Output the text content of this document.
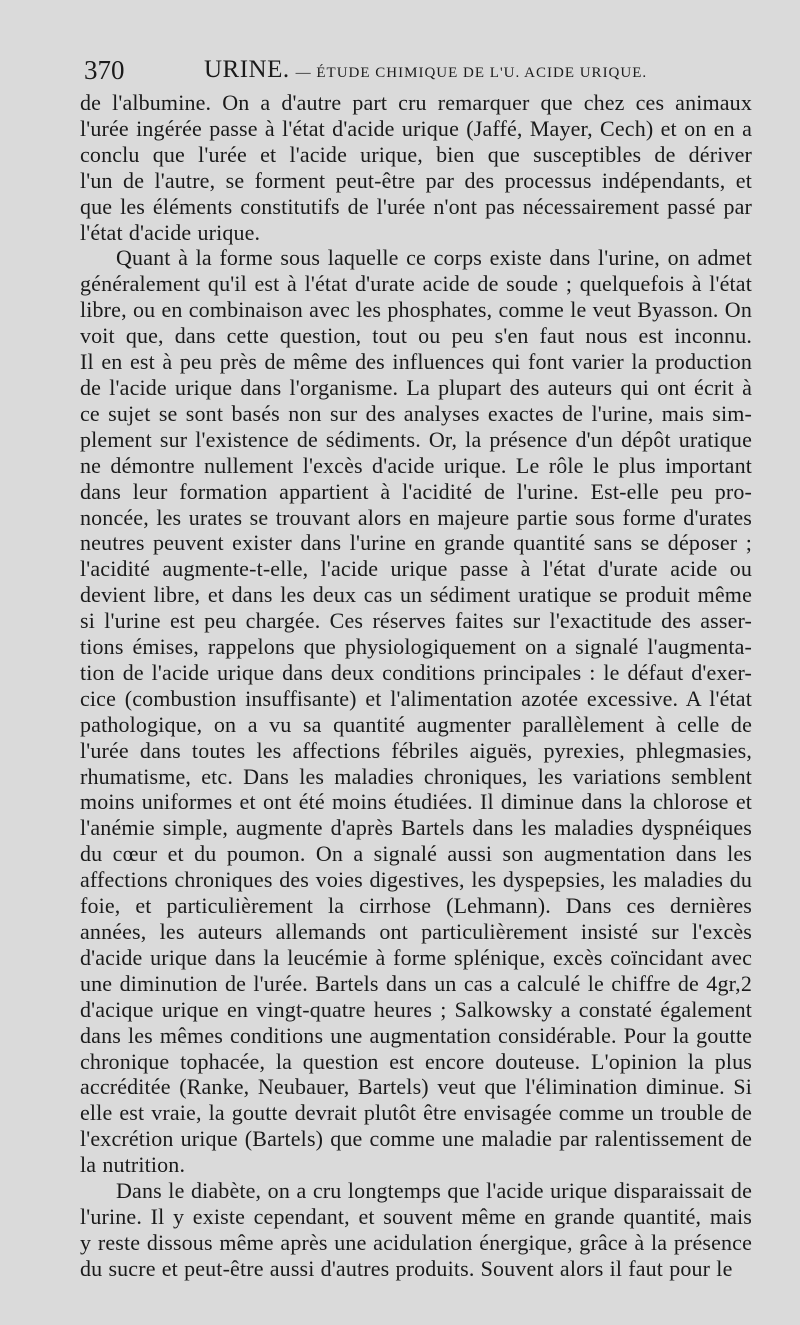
370	URINE. — ÉTUDE CHIMIQUE DE L'U. ACIDE URIQUE.

de l'albumine. On a d'autre part cru remarquer que chez ces animaux
l'urée ingérée passe à l'état d'acide urique (Jaffé, Mayer, Cech) et on en a
conclu que l'urée et l'acide urique, bien que susceptibles de dériver
l'un de l'autre, se forment peut-être par des processus indépendants, et
que les éléments constitutifs de l'urée n'ont pas nécessairement passé par
l'état d'acide urique.

Quant à la forme sous laquelle ce corps existe dans l'urine, on admet
généralement qu'il est à l'état d'urate acide de soude ; quelquefois à l'état
libre, ou en combinaison avec les phosphates, comme le veut Byasson. On
voit que, dans cette question, tout ou peu s'en faut nous est inconnu.
Il en est à peu près de même des influences qui font varier la production
de l'acide urique dans l'organisme. La plupart des auteurs qui ont écrit à
ce sujet se sont basés non sur des analyses exactes de l'urine, mais sim-
plement sur l'existence de sédiments. Or, la présence d'un dépôt uratique
ne démontre nullement l'excès d'acide urique. Le rôle le plus important
dans leur formation appartient à l'acidité de l'urine. Est-elle peu pro-
noncée, les urates se trouvant alors en majeure partie sous forme d'urates
neutres peuvent exister dans l'urine en grande quantité sans se déposer ;
l'acidité augmente-t-elle, l'acide urique passe à l'état d'urate acide ou
devient libre, et dans les deux cas un sédiment uratique se produit même
si l'urine est peu chargée. Ces réserves faites sur l'exactitude des asser-
tions émises, rappelons que physiologiquement on a signalé l'augmenta-
tion de l'acide urique dans deux conditions principales : le défaut d'exer-
cice (combustion insuffisante) et l'alimentation azotée excessive. A l'état
pathologique, on a vu sa quantité augmenter parallèlement à celle de
l'urée dans toutes les affections fébriles aiguës, pyrexies, phlegmasies,
rhumatisme, etc. Dans les maladies chroniques, les variations semblent
moins uniformes et ont été moins étudiées. Il diminue dans la chlorose et
l'anémie simple, augmente d'après Bartels dans les maladies dyspnéiques
du cœur et du poumon. On a signalé aussi son augmentation dans les
affections chroniques des voies digestives, les dyspepsies, les maladies du
foie, et particulièrement la cirrhose (Lehmann). Dans ces dernières
années, les auteurs allemands ont particulièrement insisté sur l'excès
d'acide urique dans la leucémie à forme splénique, excès coïncidant avec
une diminution de l'urée. Bartels dans un cas a calculé le chiffre de 4gr,2
d'acique urique en vingt-quatre heures ; Salkowsky a constaté également
dans les mêmes conditions une augmentation considérable. Pour la goutte
chronique tophacée, la question est encore douteuse. L'opinion la plus
accréditée (Ranke, Neubauer, Bartels) veut que l'élimination diminue. Si
elle est vraie, la goutte devrait plutôt être envisagée comme un trouble de
l'excrétion urique (Bartels) que comme une maladie par ralentissement de
la nutrition.

Dans le diabète, on a cru longtemps que l'acide urique disparaissait de
l'urine. Il y existe cependant, et souvent même en grande quantité, mais
y reste dissous même après une acidulation énergique, grâce à la présence
du sucre et peut-être aussi d'autres produits. Souvent alors il faut pour le
